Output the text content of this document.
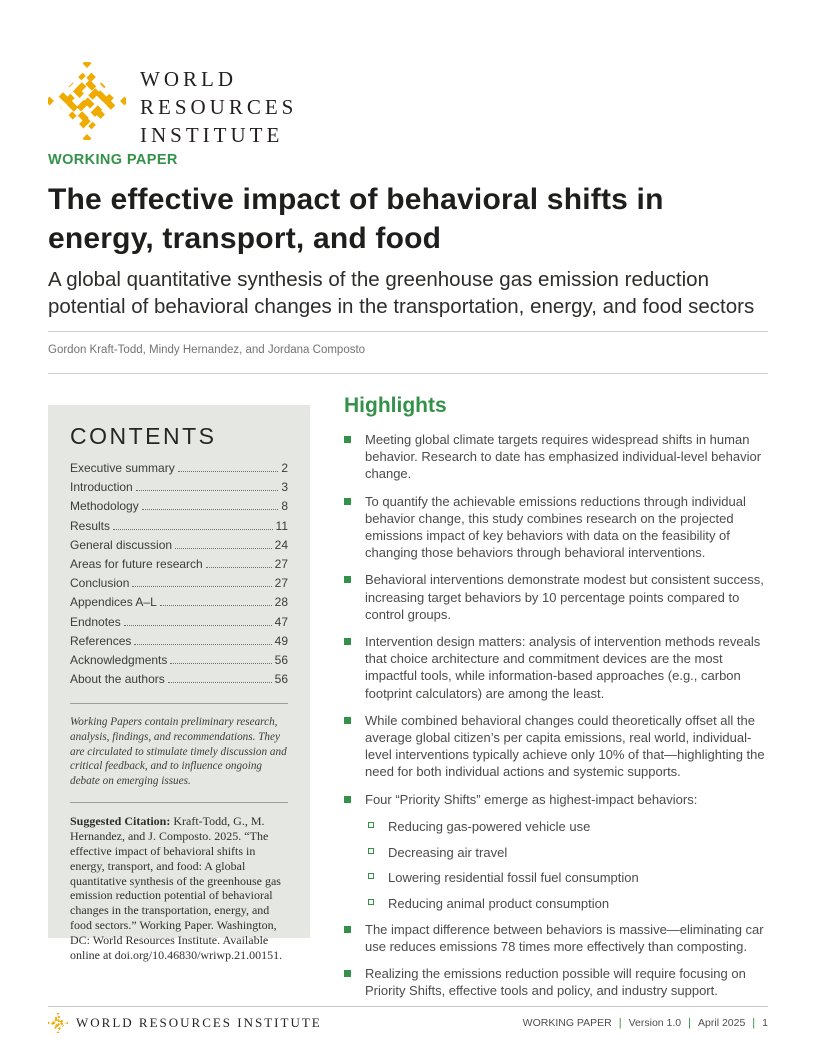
WORLD
RESOURCES
INSTITUTE
WORKING PAPER
The effective impact of behavioral shifts in energy, transport, and food
A global quantitative synthesis of the greenhouse gas emission reduction potential of behavioral changes in the transportation, energy, and food sectors
Gordon Kraft-Todd, Mindy Hernandez, and Jordana Composto
CONTENTS
Executive summary	2
Introduction	3
Methodology	8
Results	11
General discussion	24
Areas for future research	27
Conclusion	27
Appendices A–L	28
Endnotes	47
References	49
Acknowledgments	56
About the authors	56

Working Papers contain preliminary research, analysis, findings, and recommendations. They are circulated to stimulate timely discussion and critical feedback, and to influence ongoing debate on emerging issues.

Suggested Citation: Kraft-Todd, G., M. Hernandez, and J. Composto. 2025. “The effective impact of behavioral shifts in energy, transport, and food: A global quantitative synthesis of the greenhouse gas emission reduction potential of behavioral changes in the transportation, energy, and food sectors.” Working Paper. Washington, DC: World Resources Institute. Available online at doi.org/10.46830/wriwp.21.00151.

Highlights

Meeting global climate targets requires widespread shifts in human behavior. Research to date has emphasized individual-level behavior change.

To quantify the achievable emissions reductions through individual behavior change, this study combines research on the projected emissions impact of key behaviors with data on the feasibility of changing those behaviors through behavioral interventions.

Behavioral interventions demonstrate modest but consistent success, increasing target behaviors by 10 percentage points compared to control groups.

Intervention design matters: analysis of intervention methods reveals that choice architecture and commitment devices are the most impactful tools, while information-based approaches (e.g., carbon footprint calculators) are among the least.

While combined behavioral changes could theoretically offset all the average global citizen’s per capita emissions, real world, individual-level interventions typically achieve only 10% of that—highlighting the need for both individual actions and systemic supports.

Four “Priority Shifts” emerge as highest-impact behaviors:

Reducing gas-powered vehicle use

Decreasing air travel

Lowering residential fossil fuel consumption

Reducing animal product consumption

The impact difference between behaviors is massive—eliminating car use reduces emissions 78 times more effectively than composting.

Realizing the emissions reduction possible will require focusing on Priority Shifts, effective tools and policy, and industry support.

WORLD RESOURCES INSTITUTE	WORKING PAPER | Version 1.0 | April 2025 | 1
